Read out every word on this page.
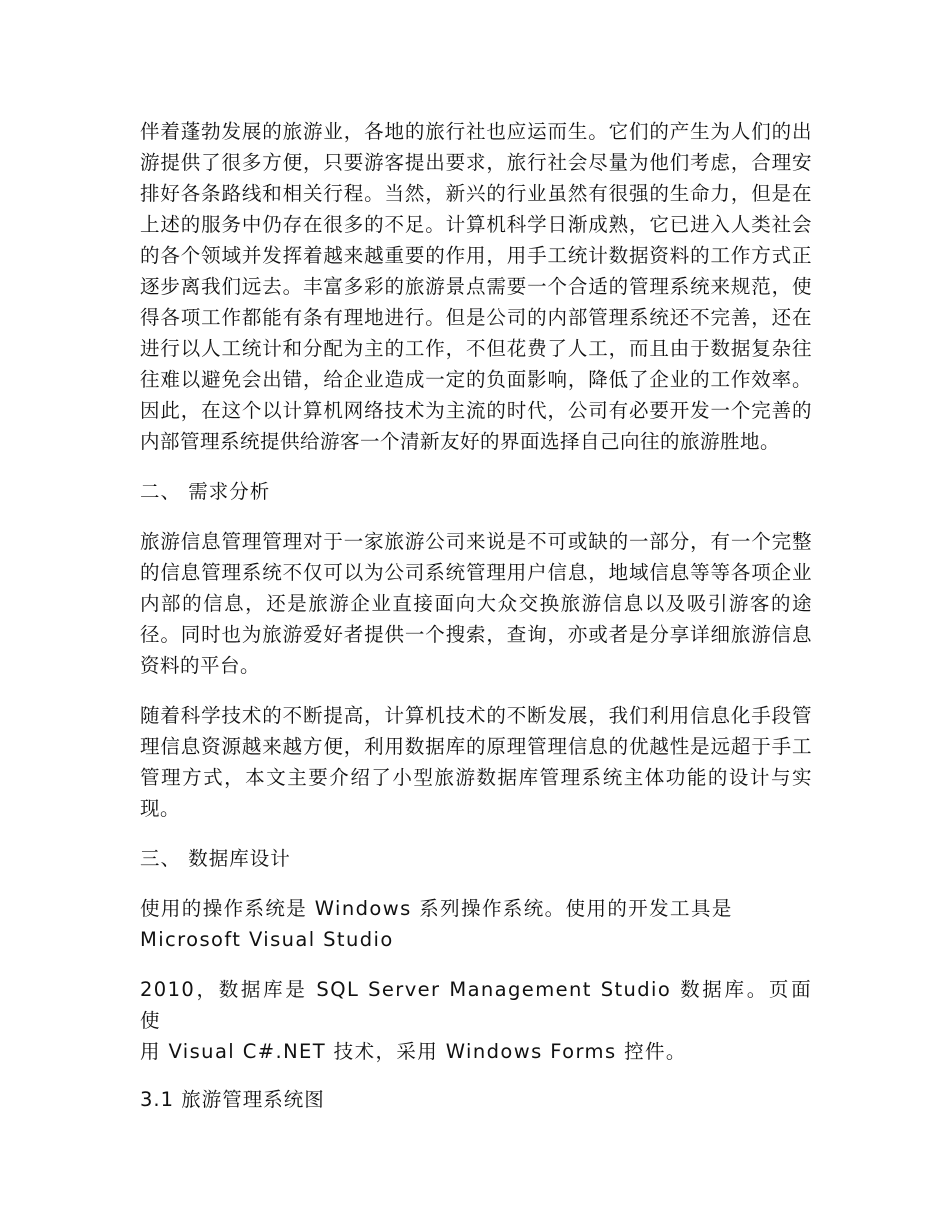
伴着蓬勃发展的旅游业，各地的旅行社也应运而生。它们的产生为人们的出游提供了很多方便，只要游客提出要求，旅行社会尽量为他们考虑，合理安排好各条路线和相关行程。当然，新兴的行业虽然有很强的生命力，但是在上述的服务中仍存在很多的不足。计算机科学日渐成熟，它已进入人类社会的各个领域并发挥着越来越重要的作用，用手工统计数据资料的工作方式正逐步离我们远去。丰富多彩的旅游景点需要一个合适的管理系统来规范，使得各项工作都能有条有理地进行。但是公司的内部管理系统还不完善，还在进行以人工统计和分配为主的工作，不但花费了人工，而且由于数据复杂往往难以避免会出错，给企业造成一定的负面影响，降低了企业的工作效率。因此，在这个以计算机网络技术为主流的时代，公司有必要开发一个完善的内部管理系统提供给游客一个清新友好的界面选择自己向往的旅游胜地。

二、 需求分析

旅游信息管理管理对于一家旅游公司来说是不可或缺的一部分，有一个完整的信息管理系统不仅可以为公司系统管理用户信息，地域信息等等各项企业内部的信息，还是旅游企业直接面向大众交换旅游信息以及吸引游客的途径。同时也为旅游爱好者提供一个搜索，查询，亦或者是分享详细旅游信息资料的平台。

随着科学技术的不断提高，计算机技术的不断发展，我们利用信息化手段管理信息资源越来越方便，利用数据库的原理管理信息的优越性是远超于手工管理方式，本文主要介绍了小型旅游数据库管理系统主体功能的设计与实现。

三、 数据库设计

使用的操作系统是 Windows 系列操作系统。使用的开发工具是

Microsoft Visual Studio

2010，数据库是 SQL Server Management Studio 数据库。页面使

用 Visual C#.NET 技术，采用 Windows Forms 控件。

3.1 旅游管理系统图
